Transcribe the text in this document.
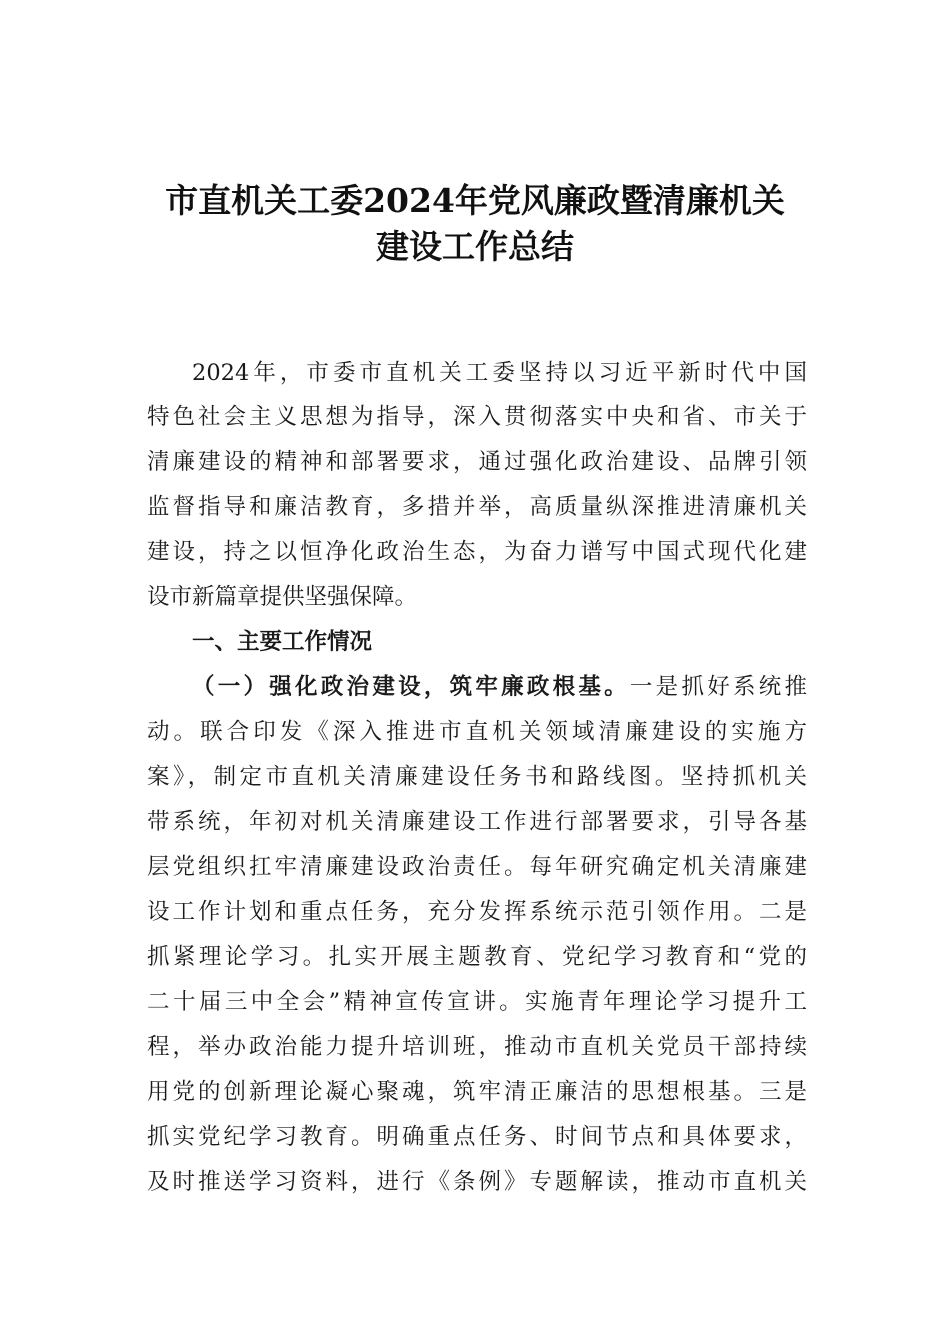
市直机关工委2024年党风廉政暨清廉机关
建设工作总结
2024年，市委市直机关工委坚持以习近平新时代中国
特色社会主义思想为指导，深入贯彻落实中央和省、市关于
清廉建设的精神和部署要求，通过强化政治建设、品牌引领
监督指导和廉洁教育，多措并举，高质量纵深推进清廉机关
建设，持之以恒净化政治生态，为奋力谱写中国式现代化建
设市新篇章提供坚强保障。
一、主要工作情况
（一）强化政治建设，筑牢廉政根基。一是抓好系统推
动。联合印发《深入推进市直机关领域清廉建设的实施方
案》，制定市直机关清廉建设任务书和路线图。坚持抓机关
带系统，年初对机关清廉建设工作进行部署要求，引导各基
层党组织扛牢清廉建设政治责任。每年研究确定机关清廉建
设工作计划和重点任务，充分发挥系统示范引领作用。二是
抓紧理论学习。扎实开展主题教育、党纪学习教育和“党的
二十届三中全会”精神宣传宣讲。实施青年理论学习提升工
程，举办政治能力提升培训班，推动市直机关党员干部持续
用党的创新理论凝心聚魂，筑牢清正廉洁的思想根基。三是
抓实党纪学习教育。明确重点任务、时间节点和具体要求，
及时推送学习资料，进行《条例》专题解读，推动市直机关
